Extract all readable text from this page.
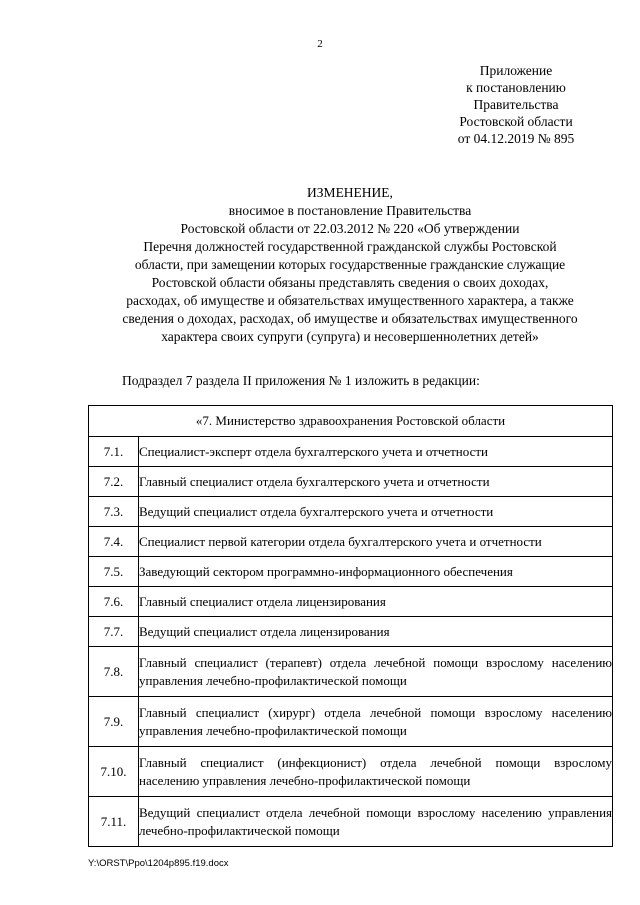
2
Приложение
к постановлению
Правительства
Ростовской области
от 04.12.2019 № 895
ИЗМЕНЕНИЕ,
вносимое в постановление Правительства
Ростовской области от 22.03.2012 № 220 «Об утверждении
Перечня должностей государственной гражданской службы Ростовской
области, при замещении которых государственные гражданские служащие
Ростовской области обязаны представлять сведения о своих доходах,
расходах, об имуществе и обязательствах имущественного характера, а также
сведения о доходах, расходах, об имуществе и обязательствах имущественного
характера своих супруги (супруга) и несовершеннолетних детей»
Подраздел 7 раздела II приложения № 1 изложить в редакции:
«7. Министерство здравоохранения Ростовской области	
7.1.	Специалист-эксперт отдела бухгалтерского учета и отчетности
7.2.	Главный специалист отдела бухгалтерского учета и отчетности
7.3.	Ведущий специалист отдела бухгалтерского учета и отчетности
7.4.	Специалист первой категории отдела бухгалтерского учета и отчетности
7.5.	Заведующий сектором программно-информационного обеспечения
7.6.	Главный специалист отдела лицензирования
7.7.	Ведущий специалист отдела лицензирования
7.8.	Главный специалист (терапевт) отдела лечебной помощи взрослому населению управления лечебно-профилактической помощи
7.9.	Главный специалист (хирург) отдела лечебной помощи взрослому населению управления лечебно-профилактической помощи
7.10.	Главный специалист (инфекционист) отдела лечебной помощи взрослому населению управления лечебно-профилактической помощи
7.11.	Ведущий специалист отдела лечебной помощи взрослому населению управления лечебно-профилактической помощи
Y:\ORST\Ppo\1204p895.f19.docx
